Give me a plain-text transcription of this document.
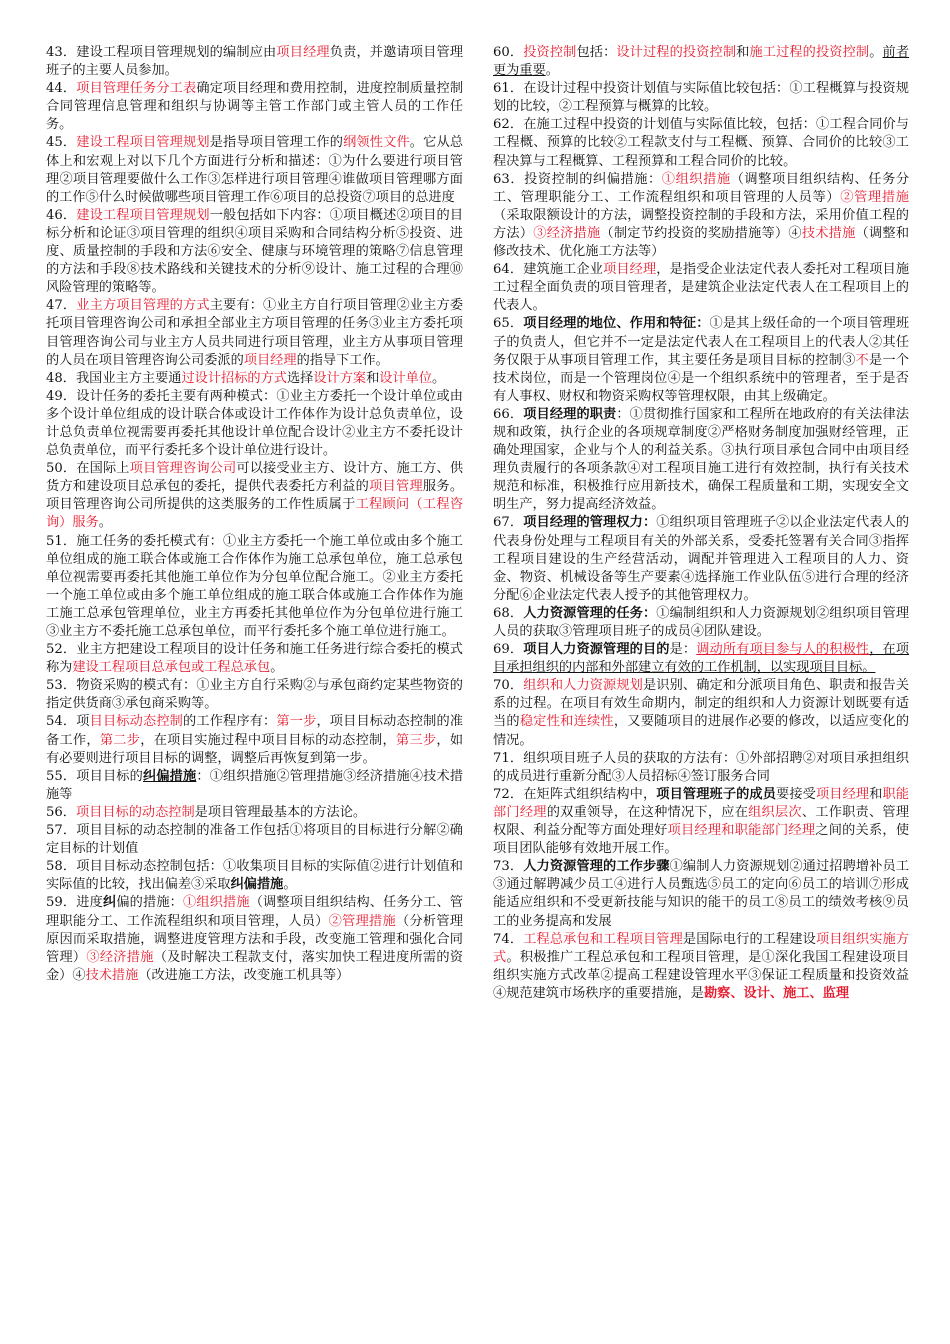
43．建设工程项目管理规划的编制应由项目经理负责，并邀请项目管理班子的主要人员参加。

44．项目管理任务分工表确定项目经理和费用控制，进度控制质量控制合同管理信息管理和组织与协调等主管工作部门或主管人员的工作任务。

45．建设工程项目管理规划是指导项目管理工作的纲领性文件。它从总体上和宏观上对以下几个方面进行分析和描述：①为什么要进行项目管理②项目管理要做什么工作③怎样进行项目管理④谁做项目管理哪方面的工作⑤什么时候做哪些项目管理工作⑥项目的总投资⑦项目的总进度

46．建设工程项目管理规划一般包括如下内容：①项目概述②项目的目标分析和论证③项目管理的组织④项目采购和合同结构分析⑤投资、进度、质量控制的手段和方法⑥安全、健康与环境管理的策略⑦信息管理的方法和手段⑧技术路线和关键技术的分析⑨设计、施工过程的合理⑩风险管理的策略等。

47．业主方项目管理的方式主要有：①业主方自行项目管理②业主方委托项目管理咨询公司和承担全部业主方项目管理的任务③业主方委托项目管理咨询公司与业主方人员共同进行项目管理，业主方从事项目管理的人员在项目管理咨询公司委派的项目经理的指导下工作。

48．我国业主方主要通过设计招标的方式选择设计方案和设计单位。

49．设计任务的委托主要有两种模式：①业主方委托一个设计单位或由多个设计单位组成的设计联合体或设计工作体作为设计总负责单位，设计总负责单位视需要再委托其他设计单位配合设计②业主方不委托设计总负责单位，而平行委托多个设计单位进行设计。

50．在国际上项目管理咨询公司可以接受业主方、设计方、施工方、供货方和建设项目总承包的委托，提供代表委托方利益的项目管理服务。项目管理咨询公司所提供的这类服务的工作性质属于工程顾问（工程咨询）服务。

51．施工任务的委托模式有：①业主方委托一个施工单位或由多个施工单位组成的施工联合体或施工合作体作为施工总承包单位，施工总承包单位视需要再委托其他施工单位作为分包单位配合施工。②业主方委托一个施工单位或由多个施工单位组成的施工联合体或施工合作体作为施工施工总承包管理单位，业主方再委托其他单位作为分包单位进行施工③业主方不委托施工总承包单位，而平行委托多个施工单位进行施工。

52．业主方把建设工程项目的设计任务和施工任务进行综合委托的模式称为建设工程项目总承包或工程总承包。

53．物资采购的模式有：①业主方自行采购②与承包商约定某些物资的指定供货商③承包商采购等。

54．项目目标动态控制的工作程序有：第一步，项目目标动态控制的准备工作，第二步，在项目实施过程中项目目标的动态控制，第三步，如有必要则进行项目目标的调整，调整后再恢复到第一步。

55．项目目标的纠偏措施：①组织措施②管理措施③经济措施④技术措施等

56．项目目标的动态控制是项目管理最基本的方法论。

57．项目目标的动态控制的准备工作包括①将项目的目标进行分解②确定目标的计划值

58．项目目标动态控制包括：①收集项目目标的实际值②进行计划值和实际值的比较，找出偏差③采取纠偏措施。

59．进度纠偏的措施：①组织措施（调整项目组织结构、任务分工、管理职能分工、工作流程组织和项目管理，人员）②管理措施（分析管理原因而采取措施，调整进度管理方法和手段，改变施工管理和强化合同管理）③经济措施（及时解决工程款支付，落实加快工程进度所需的资金）④技术措施（改进施工方法，改变施工机具等）

60．投资控制包括：设计过程的投资控制和施工过程的投资控制。前者更为重要。

61．在设计过程中投资计划值与实际值比较包括：①工程概算与投资规划的比较，②工程预算与概算的比较。

62．在施工过程中投资的计划值与实际值比较，包括：①工程合同价与工程概、预算的比较②工程款支付与工程概、预算、合同价的比较③工程决算与工程概算、工程预算和工程合同价的比较。

63．投资控制的纠偏措施：①组织措施（调整项目组织结构、任务分工、管理职能分工、工作流程组织和项目管理的人员等）②管理措施（采取限额设计的方法，调整投资控制的手段和方法，采用价值工程的方法）③经济措施（制定节约投资的奖励措施等）④技术措施（调整和修改技术、优化施工方法等）

64．建筑施工企业项目经理，是指受企业法定代表人委托对工程项目施工过程全面负责的项目管理者，是建筑企业法定代表人在工程项目上的代表人。

65．项目经理的地位、作用和特征：①是其上级任命的一个项目管理班子的负责人，但它并不一定是法定代表人在工程项目上的代表人②其任务仅限于从事项目管理工作，其主要任务是项目目标的控制③不是一个技术岗位，而是一个管理岗位④是一个组织系统中的管理者，至于是否有人事权、财权和物资采购权等管理权限，由其上级确定。

66．项目经理的职责：①贯彻推行国家和工程所在地政府的有关法律法规和政策，执行企业的各项规章制度②严格财务制度加强财经管理，正确处理国家，企业与个人的利益关系。③执行项目承包合同中由项目经理负责履行的各项条款④对工程项目施工进行有效控制，执行有关技术规范和标准，积极推行应用新技术，确保工程质量和工期，实现安全文明生产，努力提高经济效益。

67．项目经理的管理权力：①组织项目管理班子②以企业法定代表人的代表身份处理与工程项目有关的外部关系，受委托签署有关合同③指挥工程项目建设的生产经营活动，调配并管理进入工程项目的人力、资金、物资、机械设备等生产要素④选择施工作业队伍⑤进行合理的经济分配⑥企业法定代表人授予的其他管理权力。

68．人力资源管理的任务：①编制组织和人力资源规划②组织项目管理人员的获取③管理项目班子的成员④团队建设。

69．项目人力资源管理的目的是：调动所有项目参与人的积极性，在项目承担组织的内部和外部建立有效的工作机制，以实现项目目标。

70．组织和人力资源规划是识别、确定和分派项目角色、职责和报告关系的过程。在项目有效生命期内，制定的组织和人力资源计划既要有适当的稳定性和连续性，又要随项目的进展作必要的修改，以适应变化的情况。

71．组织项目班子人员的获取的方法有：①外部招聘②对项目承担组织的成员进行重新分配③人员招标④签订服务合同

72．在矩阵式组织结构中，项目管理班子的成员要接受项目经理和职能部门经理的双重领导，在这种情况下，应在组织层次、工作职责、管理权限、利益分配等方面处理好项目经理和职能部门经理之间的关系，使项目团队能够有效地开展工作。

73．人力资源管理的工作步骤①编制人力资源规划②通过招聘增补员工③通过解聘减少员工④进行人员甄选⑤员工的定向⑥员工的培训⑦形成能适应组织和不受更新技能与知识的能干的员工⑧员工的绩效考核⑨员工的业务提高和发展

74．工程总承包和工程项目管理是国际电行的工程建设项目组织实施方式。积极推广工程总承包和工程项目管理，是①深化我国工程建设项目组织实施方式改革②提高工程建设管理水平③保证工程质量和投资效益④规范建筑市场秩序的重要措施，是勘察、设计、施工、监理
